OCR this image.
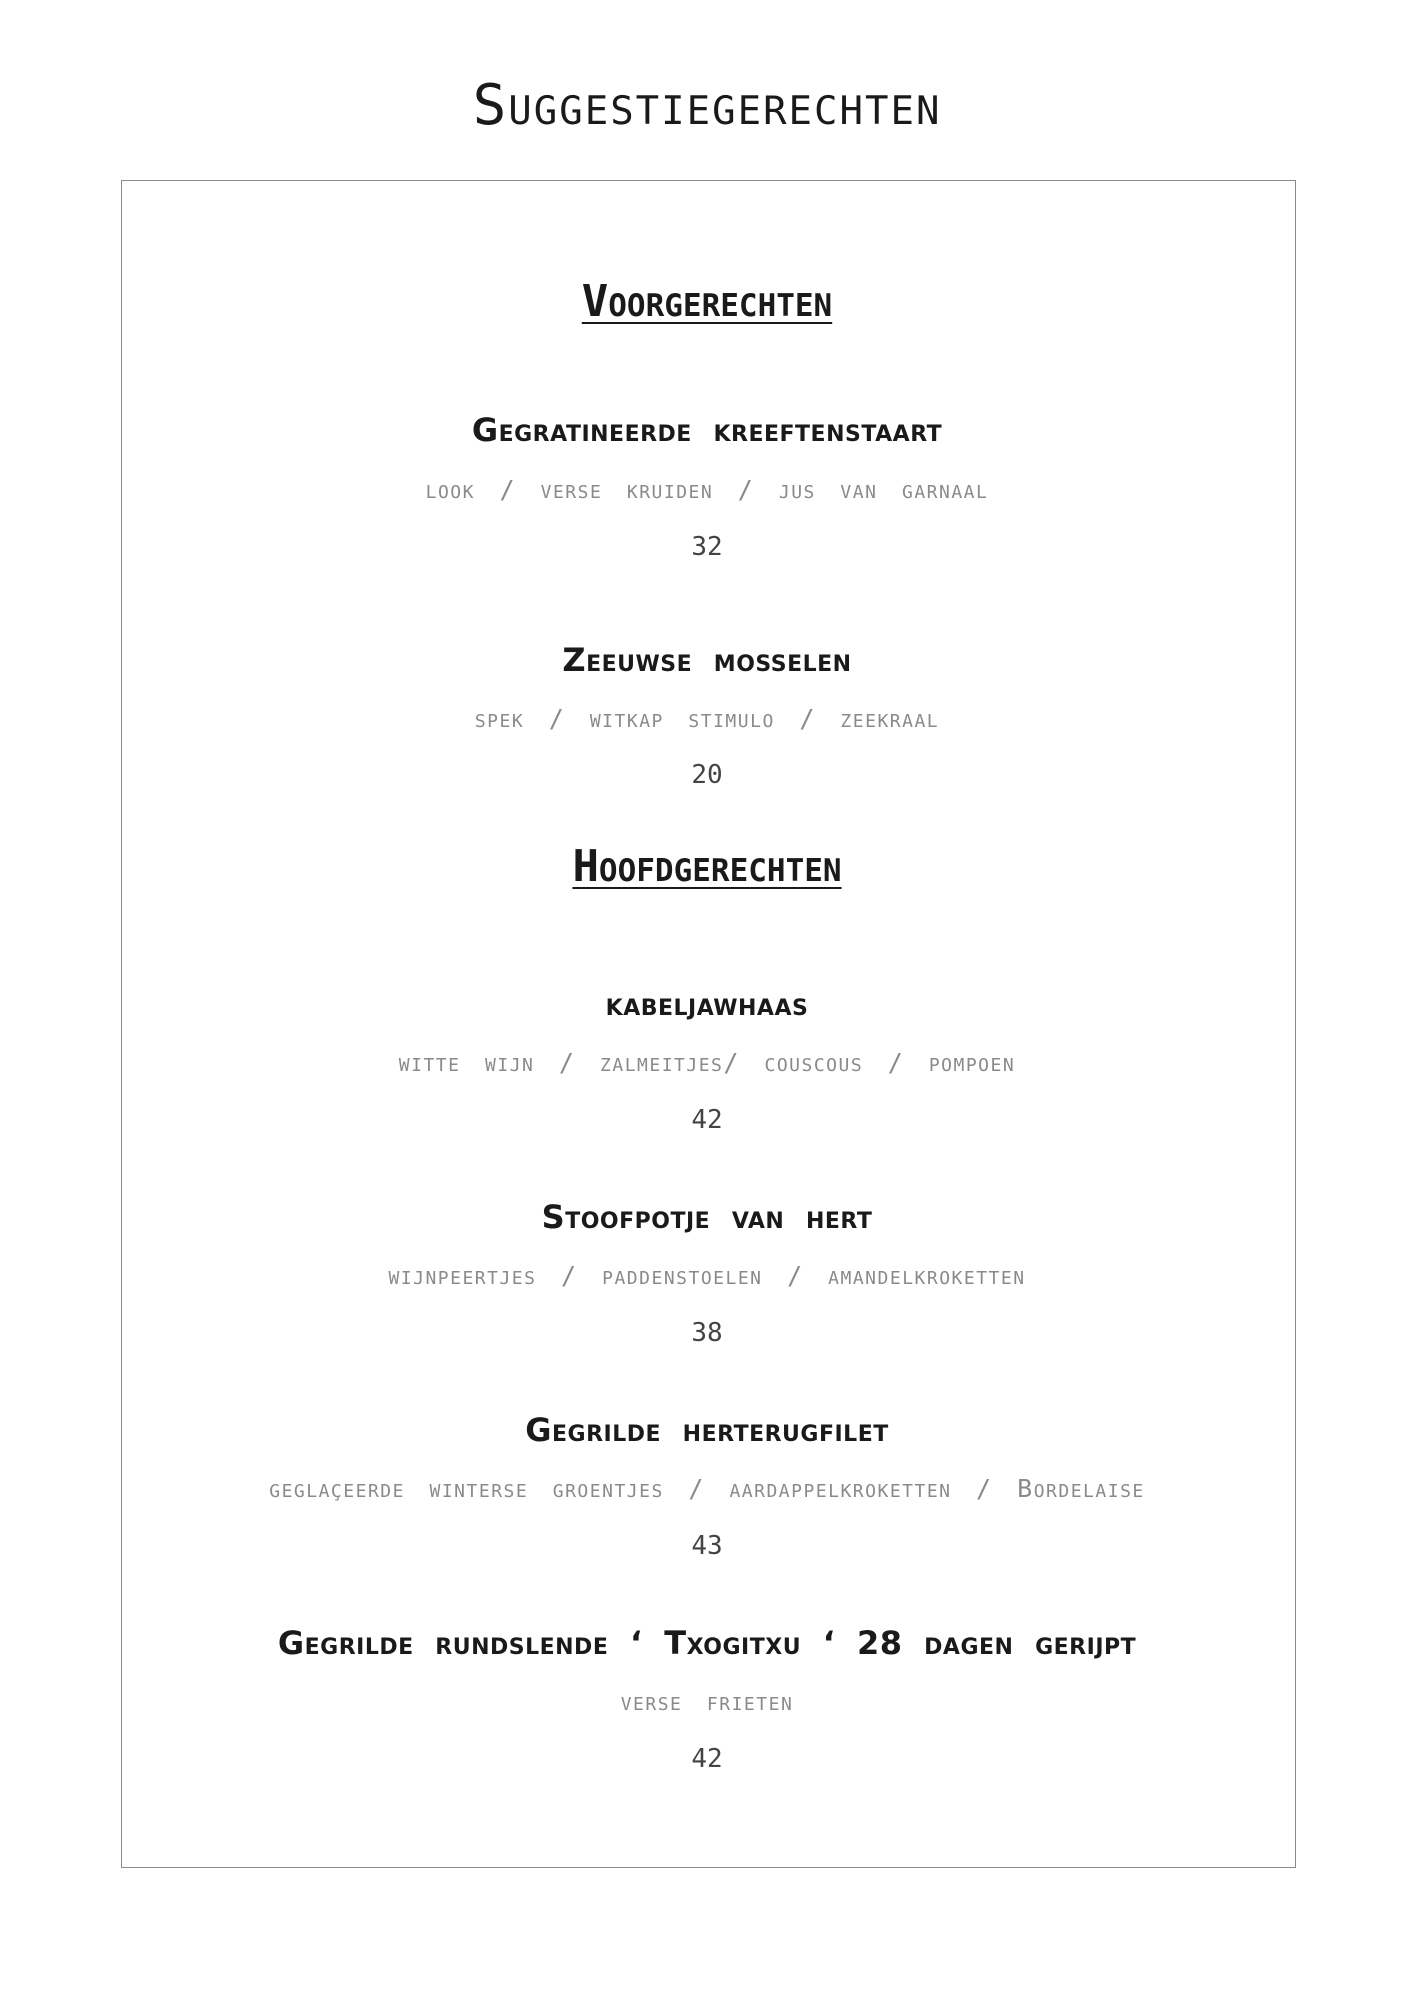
Suggestiegerechten
Voorgerechten
Gegratineerde kreeftenstaart
look / verse kruiden / jus van garnaal
32
Zeeuwse mosselen
spek / witkap stimulo / zeekraal
20
Hoofdgerechten
kabeljawhaas
witte wijn / zalmeitjes/ couscous / pompoen
42
Stoofpotje van hert
wijnpeertjes / paddenstoelen / amandelkroketten
38
Gegrilde herterugfilet
geglaçeerde winterse groentjes / aardappelkroketten / Bordelaise
43
Gegrilde rundslende ‘ Txogitxu ‘ 28 dagen gerijpt
verse frieten
42
